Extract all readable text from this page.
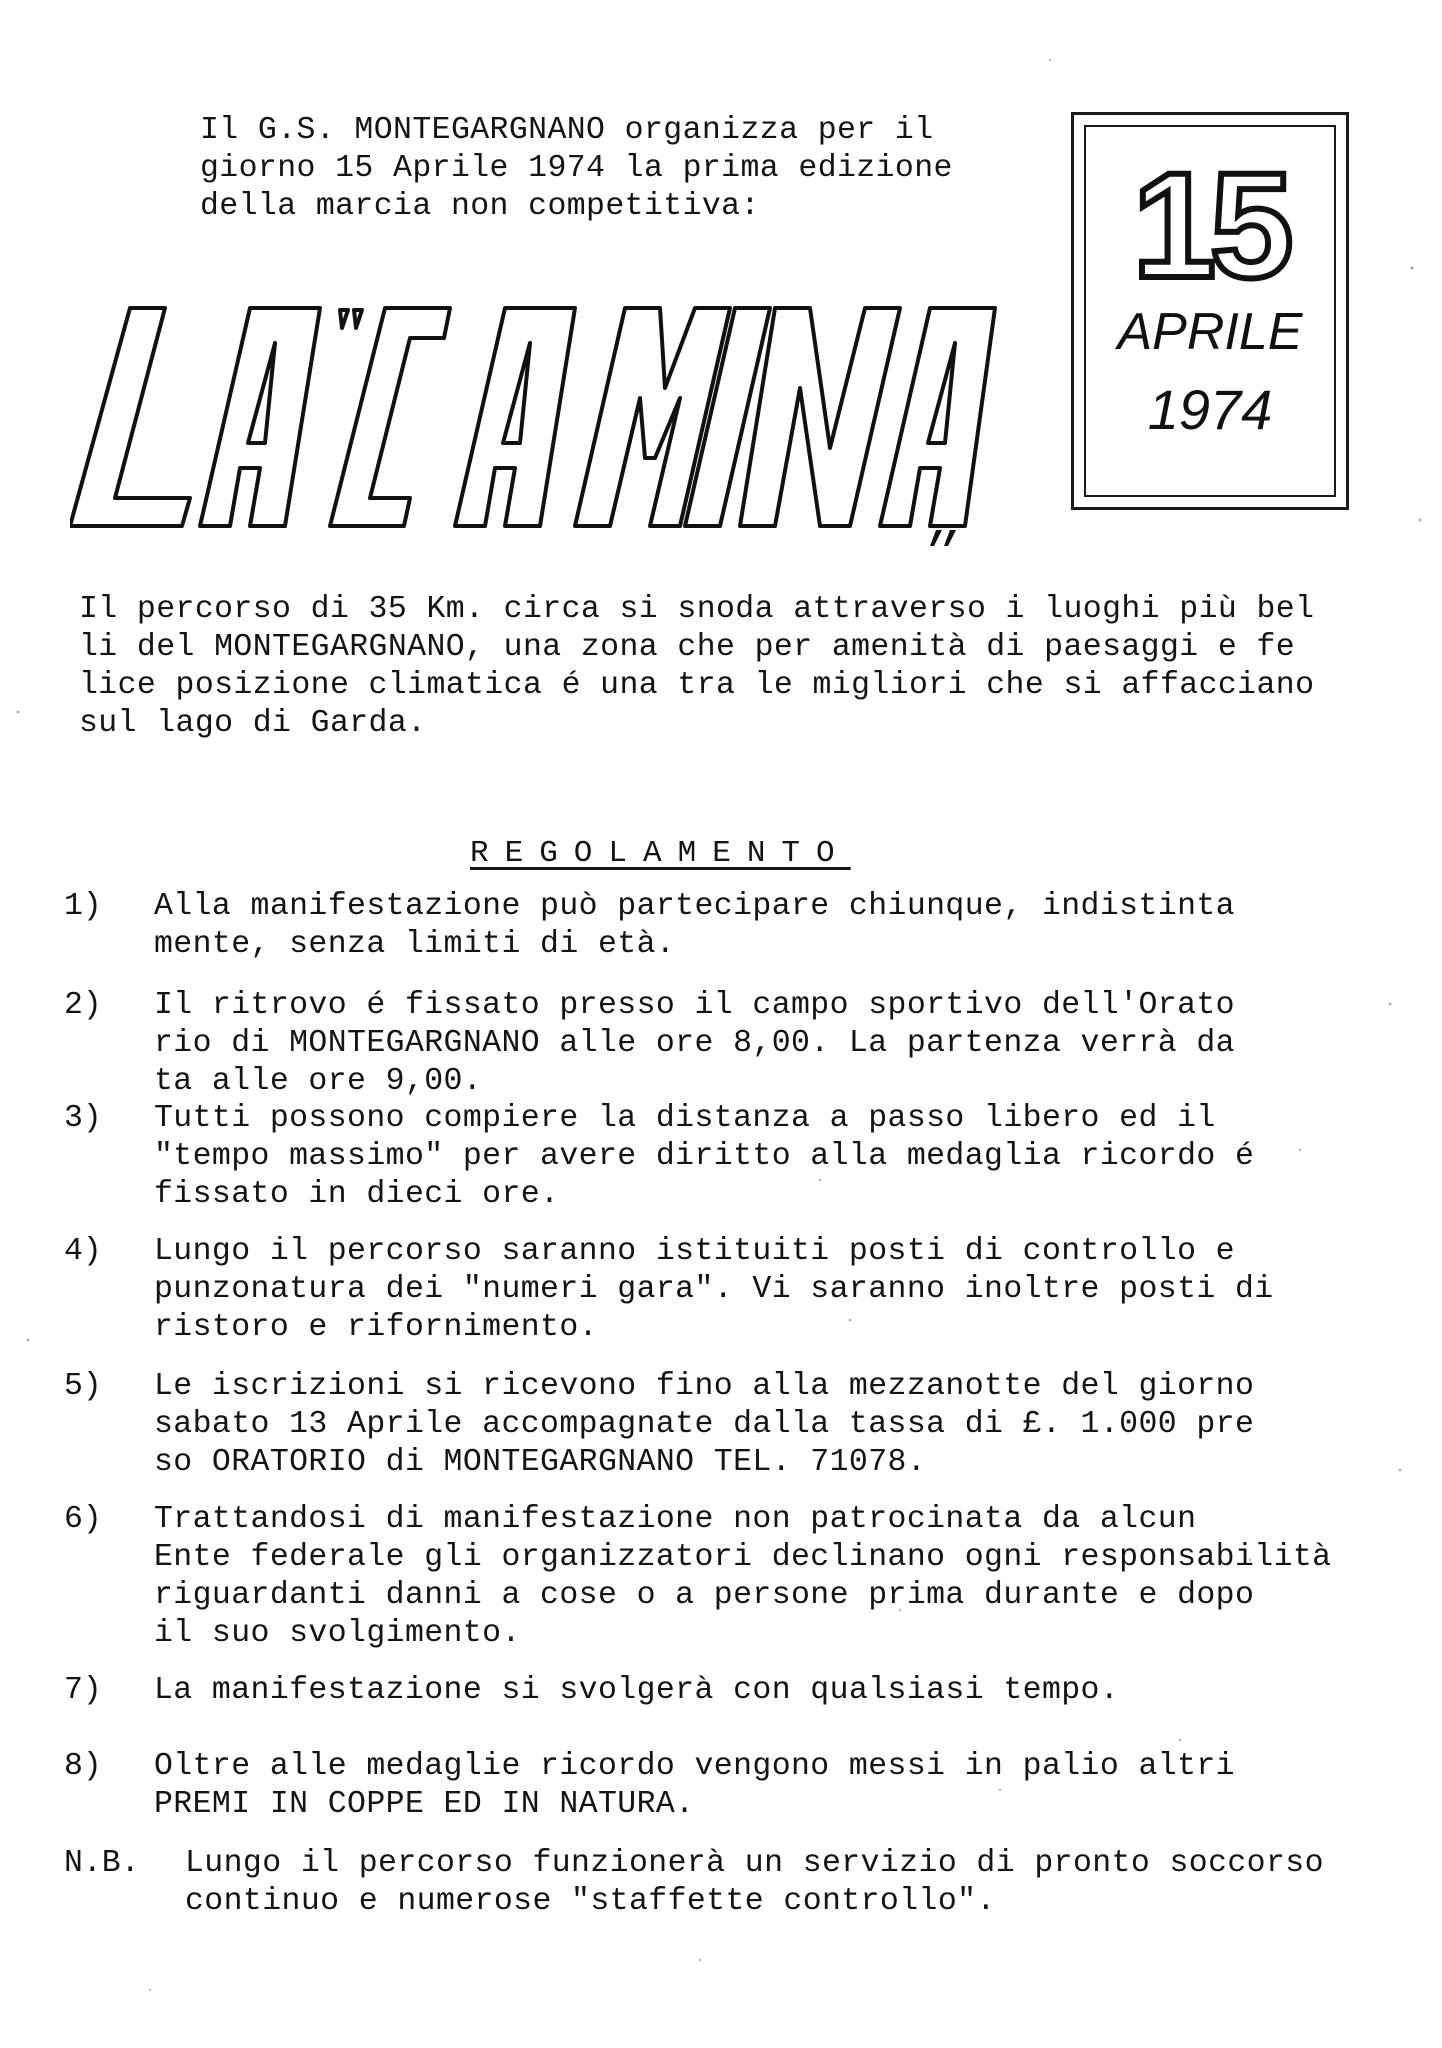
Il G.S. MONTEGARGNANO organizza per il
giorno 15 Aprile 1974 la prima edizione
della marcia non competitiva: 15
APRILE
1974
Il percorso di 35 Km. circa si snoda attraverso i luoghi più bel
li del MONTEGARGNANO, una zona che per amenità di paesaggi e fe
lice posizione climatica é una tra le migliori che si affacciano
sul lago di Garda.
REGOLAMENTO
1) Alla manifestazione può partecipare chiunque, indistinta
mente, senza limiti di età.
2) Il ritrovo é fissato presso il campo sportivo dell'Orato
rio di MONTEGARGNANO alle ore 8,00. La partenza verrà da
ta alle ore 9,00.
3) Tutti possono compiere la distanza a passo libero ed il
"tempo massimo" per avere diritto alla medaglia ricordo é
fissato in dieci ore.
4) Lungo il percorso saranno istituiti posti di controllo e
punzonatura dei "numeri gara". Vi saranno inoltre posti di
ristoro e rifornimento.
5) Le iscrizioni si ricevono fino alla mezzanotte del giorno
sabato 13 Aprile accompagnate dalla tassa di £. 1.000 pre
so ORATORIO di MONTEGARGNANO TEL. 71078.
6) Trattandosi di manifestazione non patrocinata da alcun
Ente federale gli organizzatori declinano ogni responsabilità
riguardanti danni a cose o a persone prima durante e dopo
il suo svolgimento.
7) La manifestazione si svolgerà con qualsiasi tempo.
8) Oltre alle medaglie ricordo vengono messi in palio altri
PREMI IN COPPE ED IN NATURA.
N.B. Lungo il percorso funzionerà un servizio di pronto soccorso
continuo e numerose "staffette controllo".
